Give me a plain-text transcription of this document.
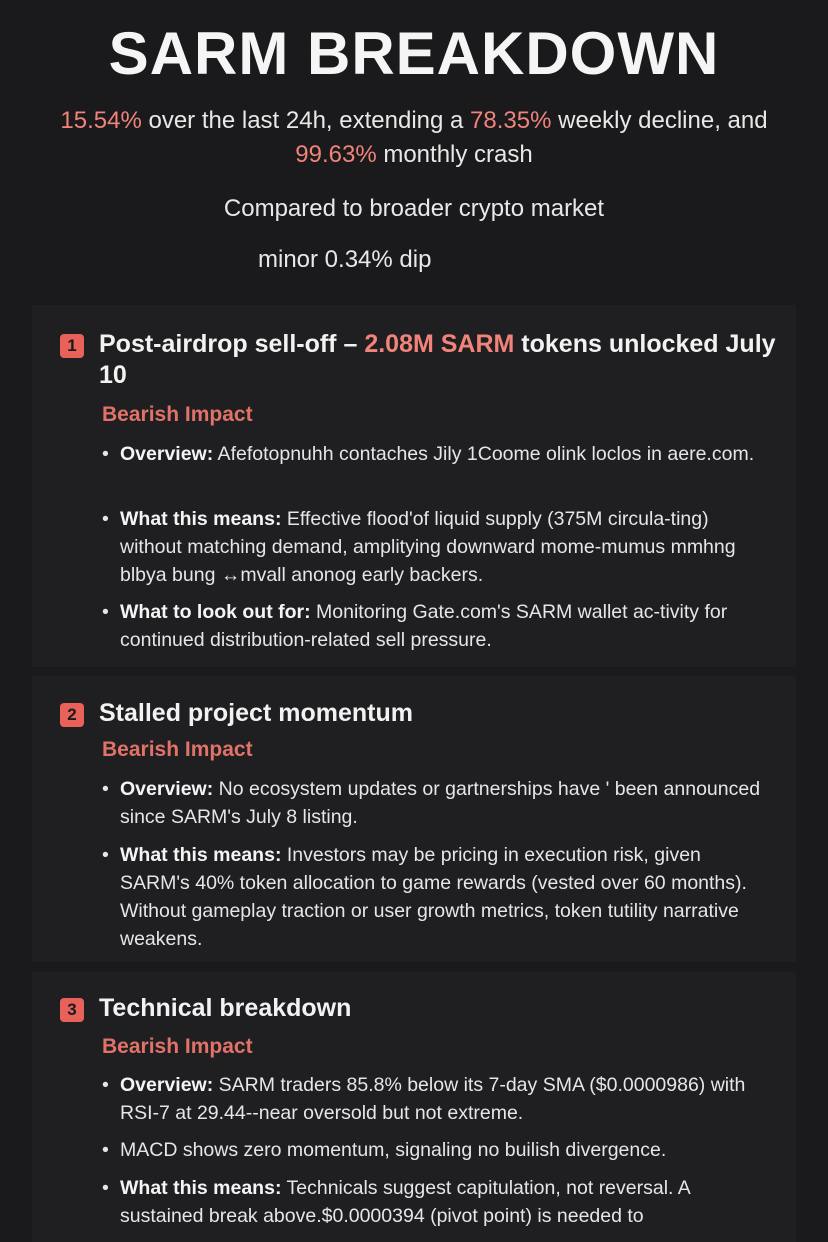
SARM BREAKDOWN
15.54% over the last 24h, extending a 78.35% weekly decline, and 99.63% monthly crash
Compared to broader crypto market
minor 0.34% dip
1 Post-airdrop sell-off – 2.08M SARM tokens unlocked July 10
Bearish Impact
• Overview: Afefotopnuhh contaches Jily 1Coome olink loclos in aere.com.
• What this means: Effective flood'of liquid supply (375M circula-ting) without matching demand, amplitying downward mome-mumus mmhng blbya bung ↔mvall anonog early backers.
• What to look out for: Monitoring Gate.com's SARM wallet ac-tivity for continued distribution-related sell pressure.
2 Stalled project momentum
Bearish Impact
• Overview: No ecosystem updates or gartnerships have ' been announced since SARM's July 8 listing.
• What this means: Investors may be pricing in execution risk, given SARM's 40% token allocation to game rewards (vested over 60 months). Without gameplay traction or user growth metrics, token tutility narrative weakens.
3 Technical breakdown
Bearish Impact
• Overview: SARM traders 85.8% below its 7-day SMA ($0.0000986) with RSI-7 at 29.44--near oversold but not extreme.
• MACD shows zero momentum, signaling no builish divergence.
• What this means: Technicals suggest capitulation, not reversal. A sustained break above.$0.0000394 (pivot point) is needed to
